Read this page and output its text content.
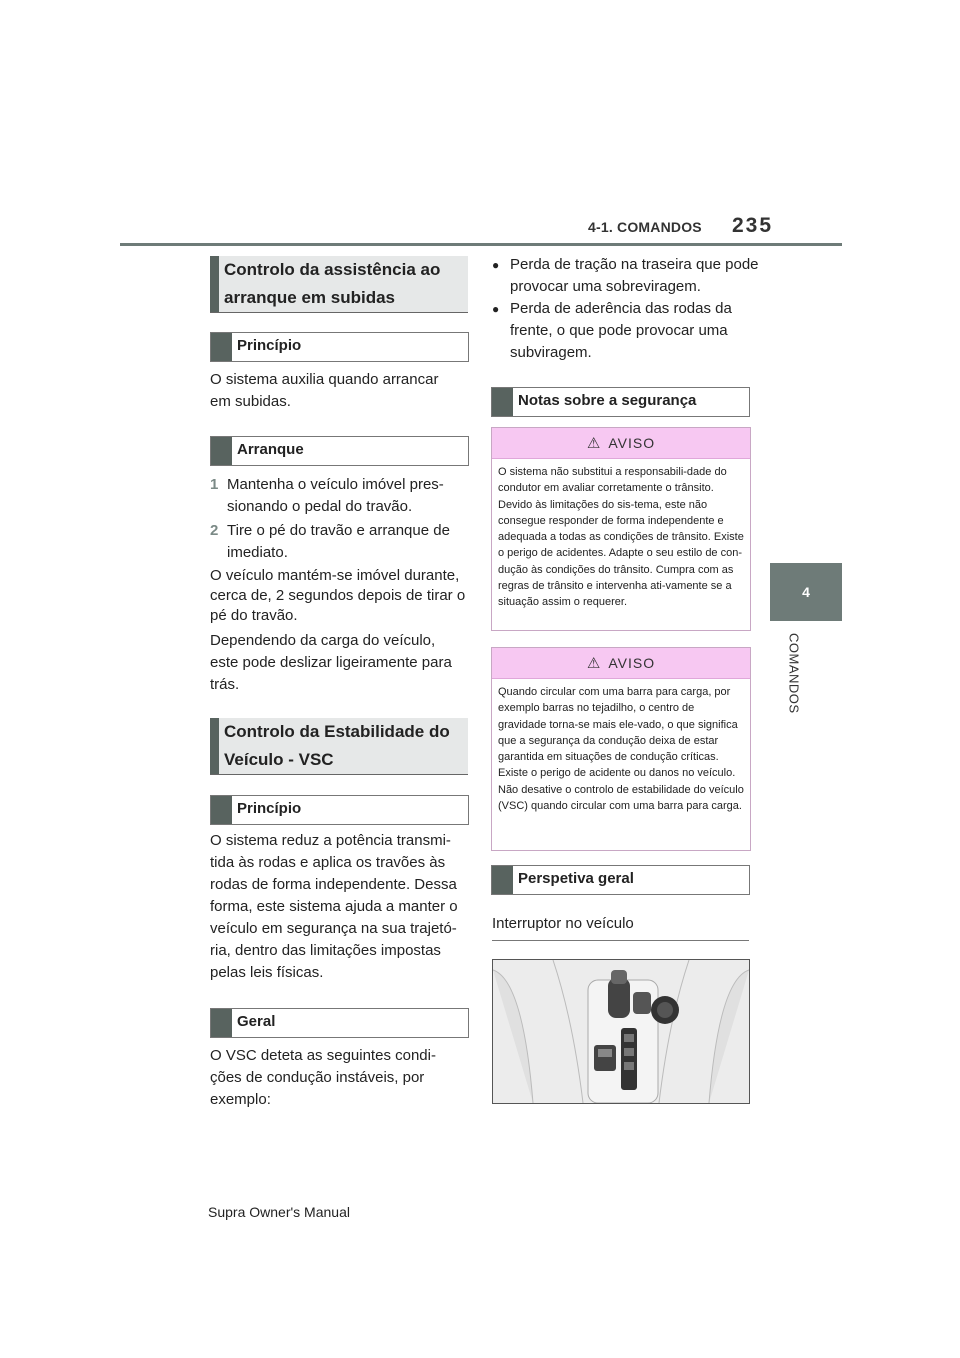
4-1. COMANDOS 235
4
COMANDOS
Controlo da assistência ao arranque em subidas
Princípio
O sistema auxilia quando arrancar em subidas.
Arranque
1 Mantenha o veículo imóvel pres-sionando o pedal do travão.
2 Tire o pé do travão e arranque de imediato.
O veículo mantém-se imóvel durante, cerca de, 2 segundos depois de tirar o pé do travão.
Dependendo da carga do veículo, este pode deslizar ligeiramente para trás.
Controlo da Estabilidade do Veículo - VSC
Princípio
O sistema reduz a potência transmi-tida às rodas e aplica os travões às rodas de forma independente. Dessa forma, este sistema ajuda a manter o veículo em segurança na sua trajetó-ria, dentro das limitações impostas pelas leis físicas.
Geral
O VSC deteta as seguintes condi-ções de condução instáveis, por exemplo:
● Perda de tração na traseira que pode provocar uma sobreviragem.
● Perda de aderência das rodas da frente, o que pode provocar uma subviragem.
Notas sobre a segurança
⚠ AVISO
O sistema não substitui a responsabili-dade do condutor em avaliar corretamente o trânsito. Devido às limitações do sis-tema, este não consegue responder de forma independente e adequada a todas as condições de trânsito. Existe o perigo de acidentes. Adapte o seu estilo de con-dução às condições do trânsito. Cumpra com as regras de trânsito e intervenha ati-vamente se a situação assim o requerer.
⚠ AVISO
Quando circular com uma barra para carga, por exemplo barras no tejadilho, o centro de gravidade torna-se mais ele-vado, o que significa que a segurança da condução deixa de estar garantida em situações de condução críticas. Existe o perigo de acidente ou danos no veículo. Não desative o controlo de estabilidade do veículo (VSC) quando circular com uma barra para carga.
Perspetiva geral
Interruptor no veículo
Supra Owner's Manual
